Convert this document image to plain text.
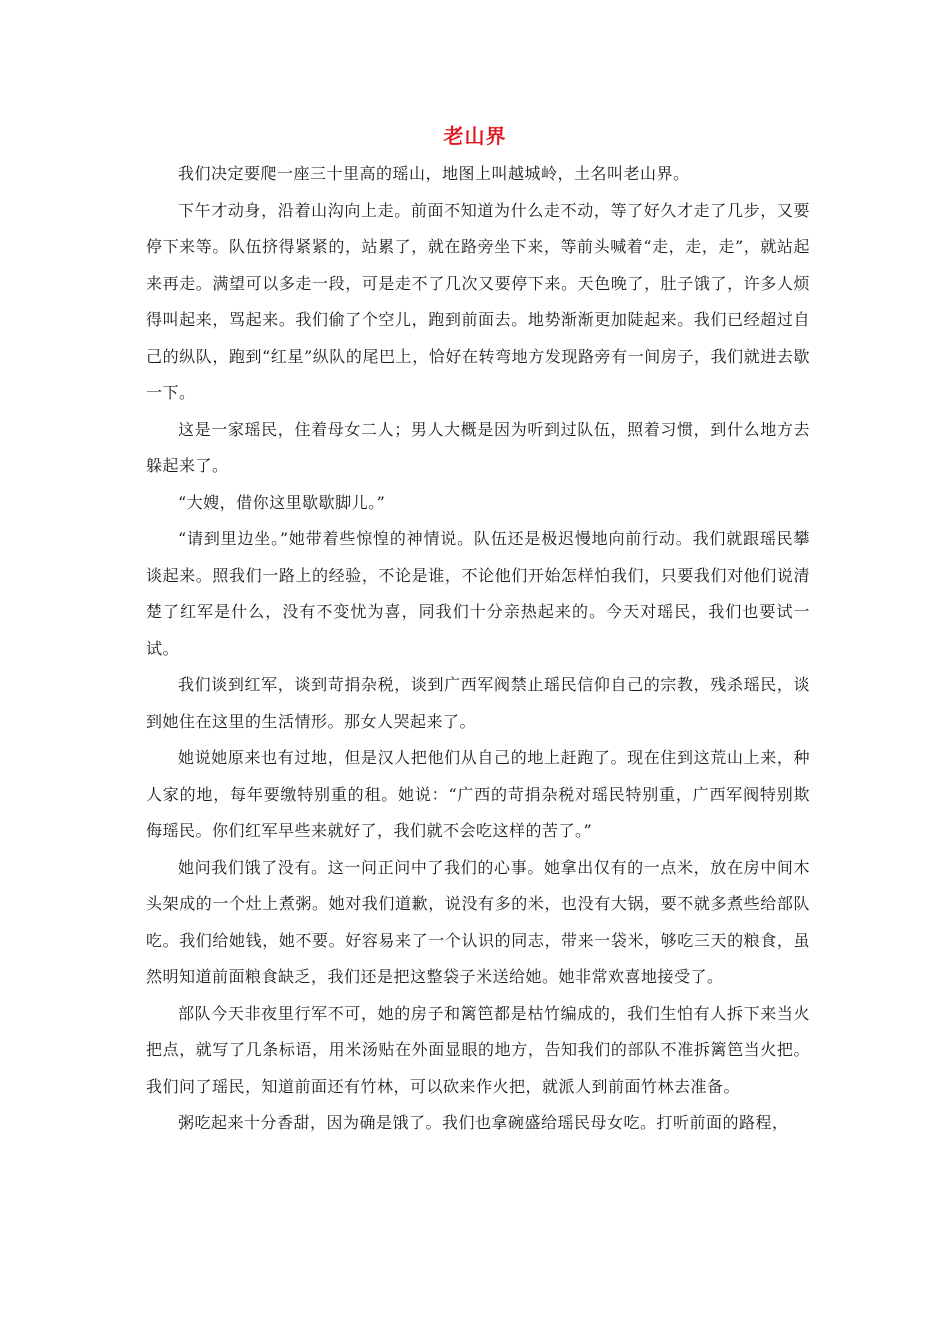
老山界

我们决定要爬一座三十里高的瑶山，地图上叫越城岭，土名叫老山界。

下午才动身，沿着山沟向上走。前面不知道为什么走不动，等了好久才走了几步，又要停下来等。队伍挤得紧紧的，站累了，就在路旁坐下来，等前头喊着“走，走，走”，就站起来再走。满望可以多走一段，可是走不了几次又要停下来。天色晚了，肚子饿了，许多人烦得叫起来，骂起来。我们偷了个空儿，跑到前面去。地势渐渐更加陡起来。我们已经超过自己的纵队，跑到“红星”纵队的尾巴上，恰好在转弯地方发现路旁有一间房子，我们就进去歇一下。

这是一家瑶民，住着母女二人；男人大概是因为听到过队伍，照着习惯，到什么地方去躲起来了。

“大嫂，借你这里歇歇脚儿。”

“请到里边坐。”她带着些惊惶的神情说。队伍还是极迟慢地向前行动。我们就跟瑶民攀谈起来。照我们一路上的经验，不论是谁，不论他们开始怎样怕我们，只要我们对他们说清楚了红军是什么，没有不变忧为喜，同我们十分亲热起来的。今天对瑶民，我们也要试一试。

我们谈到红军，谈到苛捐杂税，谈到广西军阀禁止瑶民信仰自己的宗教，残杀瑶民，谈到她住在这里的生活情形。那女人哭起来了。

她说她原来也有过地，但是汉人把他们从自己的地上赶跑了。现在住到这荒山上来，种人家的地，每年要缴特别重的租。她说：“广西的苛捐杂税对瑶民特别重，广西军阀特别欺侮瑶民。你们红军早些来就好了，我们就不会吃这样的苦了。”

她问我们饿了没有。这一问正问中了我们的心事。她拿出仅有的一点米，放在房中间木头架成的一个灶上煮粥。她对我们道歉，说没有多的米，也没有大锅，要不就多煮些给部队吃。我们给她钱，她不要。好容易来了一个认识的同志，带来一袋米，够吃三天的粮食，虽然明知道前面粮食缺乏，我们还是把这整袋子米送给她。她非常欢喜地接受了。

部队今天非夜里行军不可，她的房子和篱笆都是枯竹编成的，我们生怕有人拆下来当火把点，就写了几条标语，用米汤贴在外面显眼的地方，告知我们的部队不准拆篱笆当火把。我们问了瑶民，知道前面还有竹林，可以砍来作火把，就派人到前面竹林去准备。

粥吃起来十分香甜，因为确是饿了。我们也拿碗盛给瑶民母女吃。打听前面的路程，
